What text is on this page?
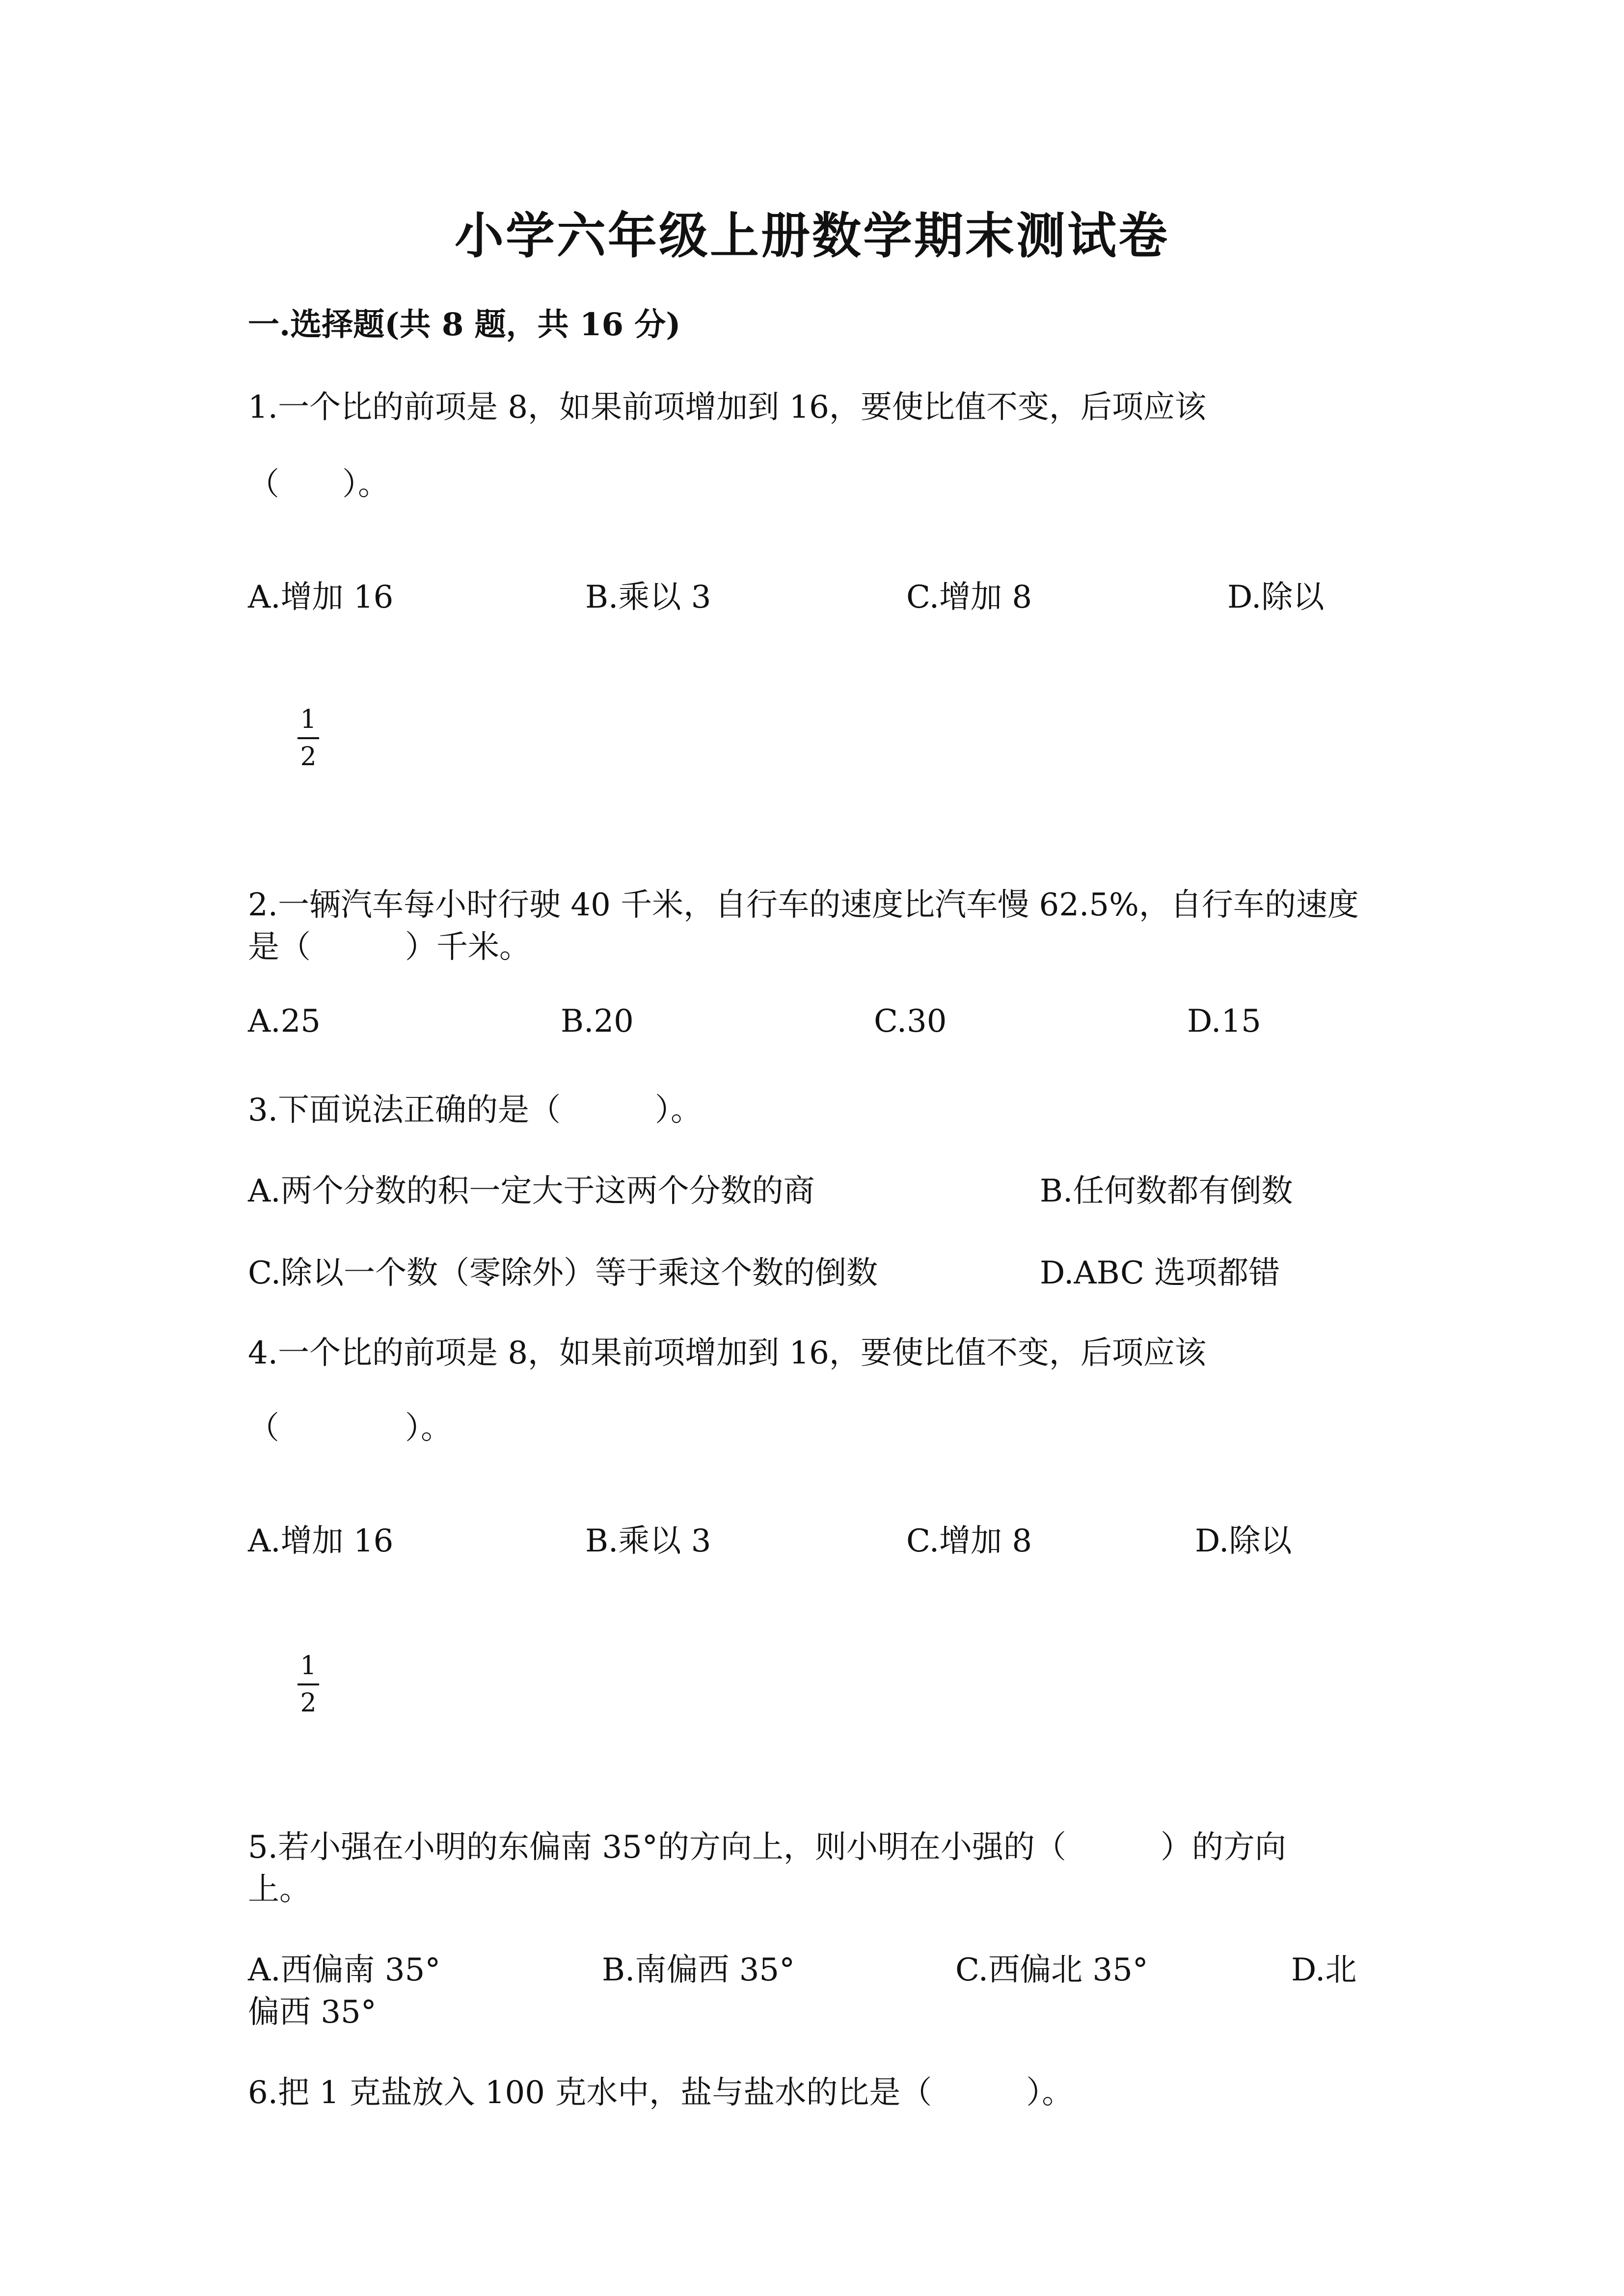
小学六年级上册数学期末测试卷
一.选择题(共 8 题，共 16 分)
1.一个比的前项是 8，如果前项增加到 16，要使比值不变，后项应该
（　　）。
A.增加 16	B.乘以 3	C.增加 8	D.除以
1
2
2.一辆汽车每小时行驶 40 千米，自行车的速度比汽车慢 62.5%，自行车的速度
是（　　　）千米。
A.25	B.20	C.30	D.15
3.下面说法正确的是（　　　）。
A.两个分数的积一定大于这两个分数的商	B.任何数都有倒数
C.除以一个数（零除外）等于乘这个数的倒数	D.ABC 选项都错
4.一个比的前项是 8，如果前项增加到 16，要使比值不变，后项应该
（　　　　）。
A.增加 16	B.乘以 3	C.增加 8	D.除以
1
2
5.若小强在小明的东偏南 35°的方向上，则小明在小强的（　　　）的方向
上。
A.西偏南 35°	B.南偏西 35°	C.西偏北 35°	D.北
偏西 35°
6.把 1 克盐放入 100 克水中，盐与盐水的比是（　　　）。
